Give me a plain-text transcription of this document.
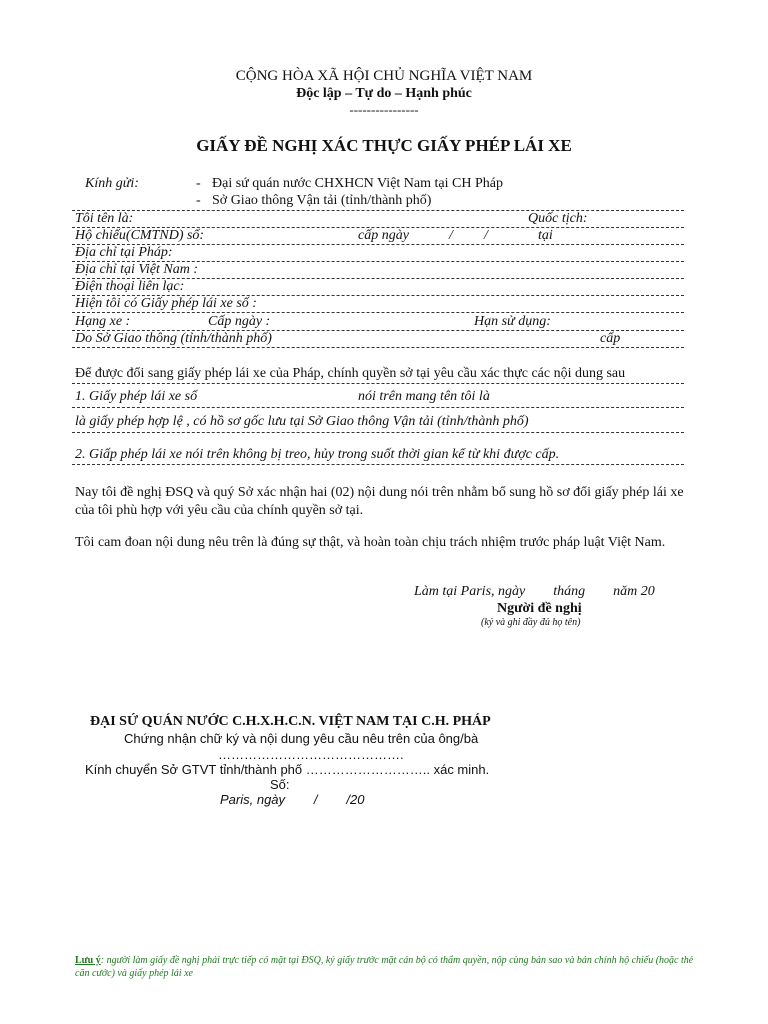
CỘNG HÒA XÃ HỘI CHỦ NGHĨA VIỆT NAM
Độc lập – Tự do – Hạnh phúc
----------------
GIẤY ĐỀ NGHỊ XÁC THỰC GIẤY PHÉP LÁI XE
Kính gửi:	- Đại sứ quán nước CHXHCN Việt Nam tại CH Pháp
- Sở Giao thông Vận tải (tỉnh/thành phố)
Tôi tên là:	Quốc tịch:
Hộ chiếu(CMTND) số:	cấp ngày	/ /	tại
Địa chỉ tại Pháp:
Địa chỉ tại Việt Nam :
Điện thoại liên lạc:
Hiện tôi có Giấy phép lái xe số :
Hạng xe :	Cấp ngày :	Hạn sử dụng:
Do Sở Giao thông (tỉnh/thành phố)	cấp
Để được đổi sang giấy phép lái xe của Pháp, chính quyền sở tại yêu cầu xác thực các nội dung sau
1. Giấy phép lái xe số	nói trên mang tên tôi là
là giấy phép hợp lệ , có hồ sơ gốc lưu tại Sở Giao thông Vận tải (tỉnh/thành phố)
2. Giấp phép lái xe nói trên không bị treo, hủy trong suốt thời gian kể từ khi được cấp.
Nay tôi đề nghị ĐSQ và quý Sở xác nhận hai (02) nội dung nói trên nhằm bổ sung hồ sơ đổi giấy phép lái xe của tôi phù hợp với yêu cầu của chính quyền sở tại.
Tôi cam đoan nội dung nêu trên là đúng sự thật, và hoàn toàn chịu trách nhiệm trước pháp luật Việt Nam.
Làm tại Paris, ngày        tháng        năm 20
Người đề nghị
(ký và ghi đầy đủ họ tên)
ĐẠI SỨ QUÁN NƯỚC C.H.X.H.C.N. VIỆT NAM TẠI C.H. PHÁP
Chứng nhận chữ ký và nội dung yêu cầu nêu trên của ông/bà
…………………………………….
Kính chuyển Sở GTVT tỉnh/thành phố ……………………….. xác minh.
Số:
Paris, ngày        /        /20
Lưu ý: người làm giấy đề nghị phải trực tiếp có mặt tại ĐSQ, ký giấy trước mặt cán bộ có thẩm quyền, nộp cùng bản sao và bản chính hộ chiếu (hoặc thẻ căn cước) và giấy phép lái xe
